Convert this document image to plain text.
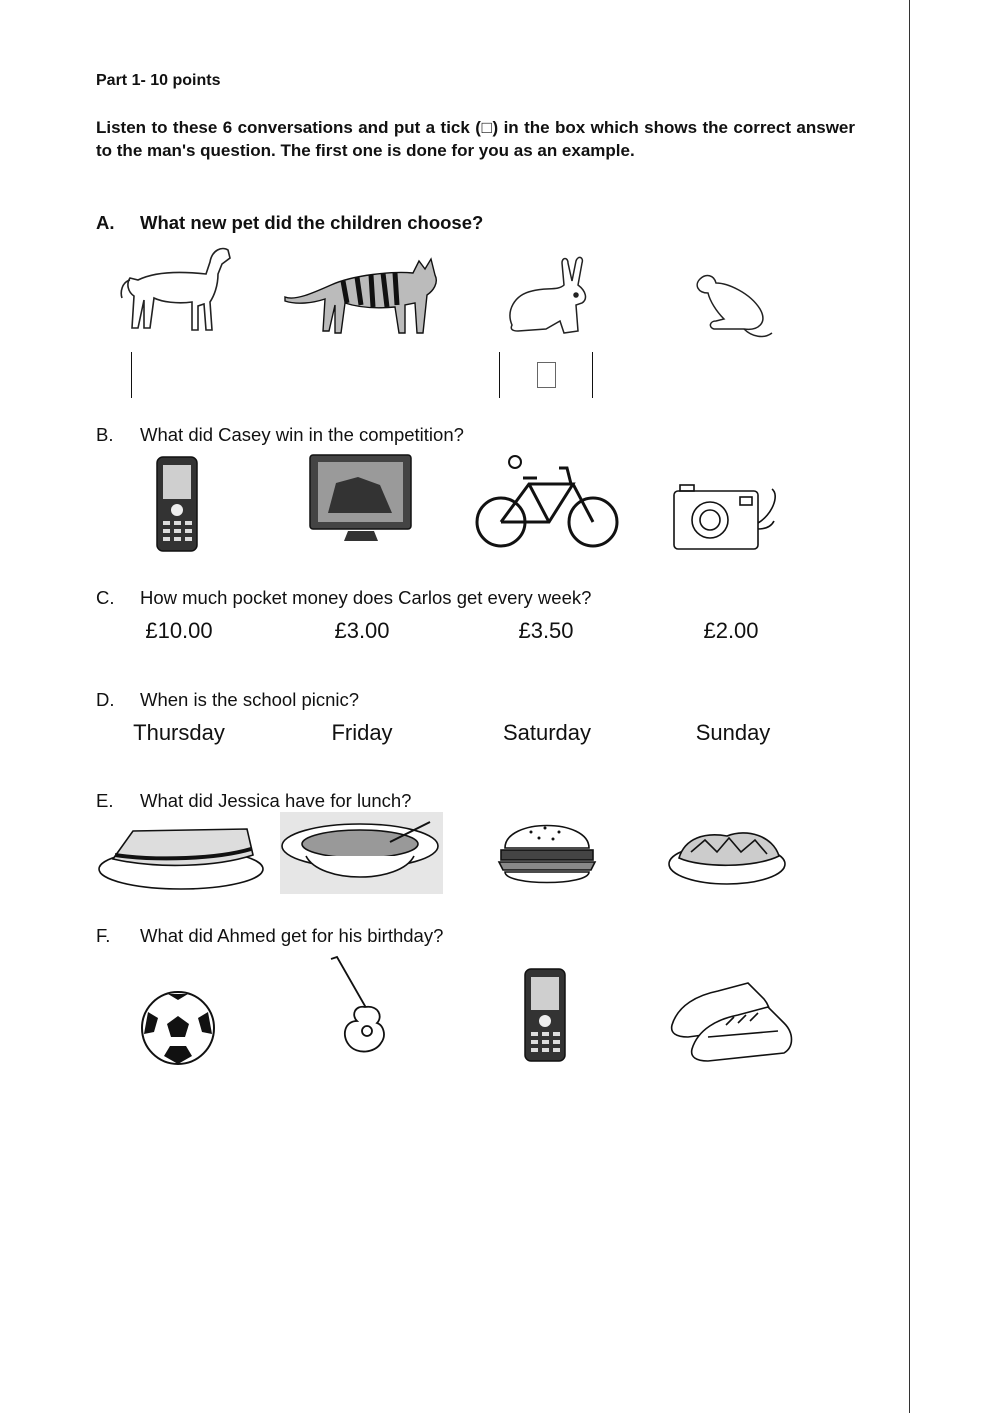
Part 1- 10 points
Listen to these 6 conversations and put a tick (□) in the box which shows the correct answer to the man's question. The first one is done for you as an example.
A. What new pet did the children choose?
B. What did Casey win in the competition?
C. How much pocket money does Carlos get every week?
£10.00	£3.00	£3.50	£2.00
D. When is the school picnic?
Thursday	Friday	Saturday	Sunday
E. What did Jessica have for lunch?
F. What did Ahmed get for his birthday?
